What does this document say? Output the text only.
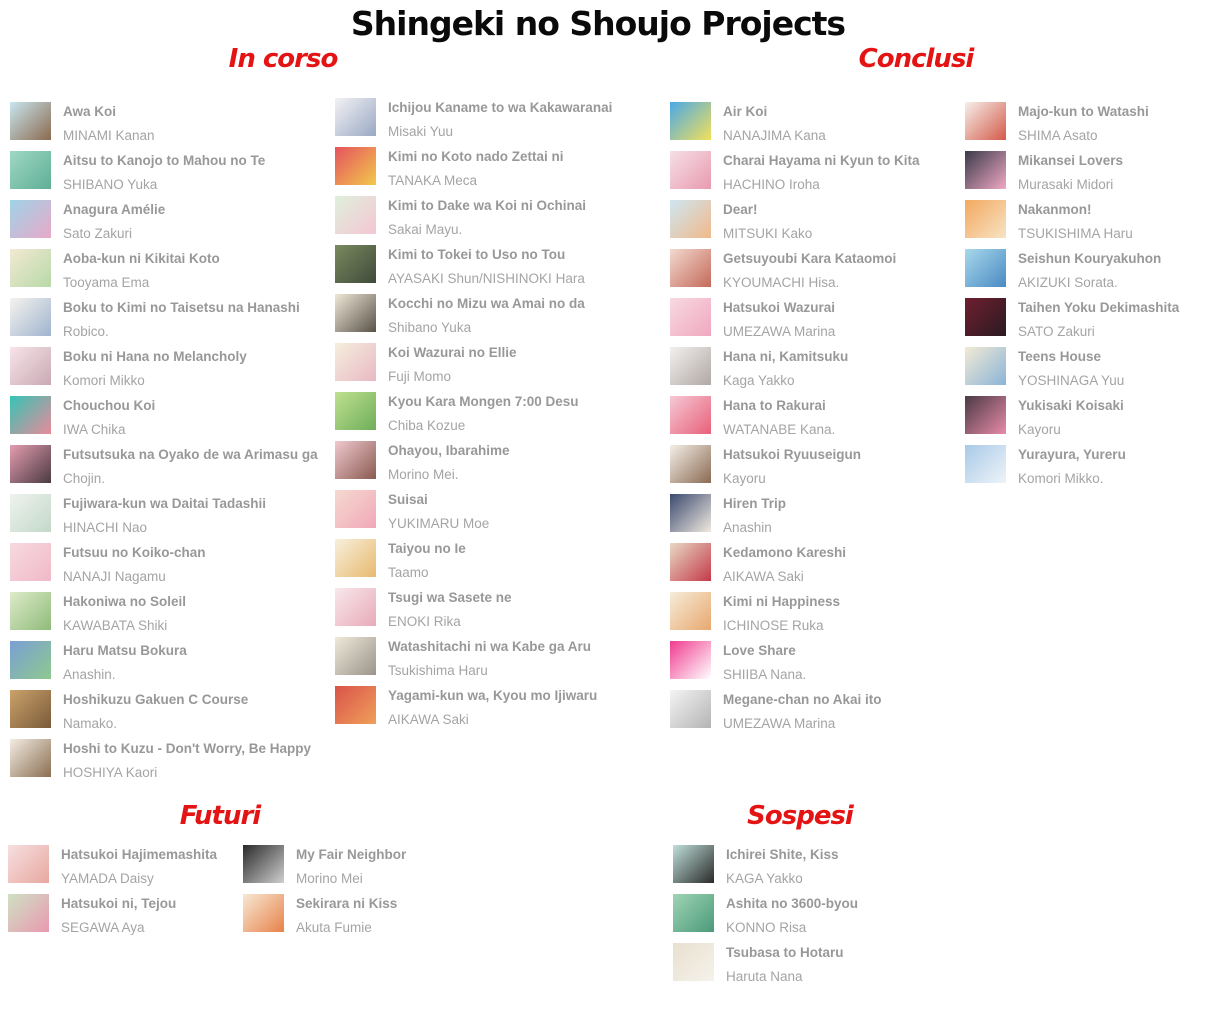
Shingeki no Shoujo Projects
In corso	Conclusi
Futuri	Sospesi
Awa Koi
MINAMI Kanan
Aitsu to Kanojo to Mahou no Te
SHIBANO Yuka
Anagura Amélie
Sato Zakuri
Aoba-kun ni Kikitai Koto
Tooyama Ema
Boku to Kimi no Taisetsu na Hanashi
Robico.
Boku ni Hana no Melancholy
Komori Mikko
Chouchou Koi
IWA Chika
Futsutsuka na Oyako de wa Arimasu ga
Chojin.
Fujiwara-kun wa Daitai Tadashii
HINACHI Nao
Futsuu no Koiko-chan
NANAJI Nagamu
Hakoniwa no Soleil
KAWABATA Shiki
Haru Matsu Bokura
Anashin.
Hoshikuzu Gakuen C Course
Namako.
Hoshi to Kuzu - Don't Worry, Be Happy
HOSHIYA Kaori
Ichijou Kaname to wa Kakawaranai
Misaki Yuu
Kimi no Koto nado Zettai ni
TANAKA Meca
Kimi to Dake wa Koi ni Ochinai
Sakai Mayu.
Kimi to Tokei to Uso no Tou
AYASAKI Shun/NISHINOKI Hara
Kocchi no Mizu wa Amai no da
Shibano Yuka
Koi Wazurai no Ellie
Fuji Momo
Kyou Kara Mongen 7:00 Desu
Chiba Kozue
Ohayou, Ibarahime
Morino Mei.
Suisai
YUKIMARU Moe
Taiyou no Ie
Taamo
Tsugi wa Sasete ne
ENOKI Rika
Watashitachi ni wa Kabe ga Aru
Tsukishima Haru
Yagami-kun wa, Kyou mo Ijiwaru
AIKAWA Saki
Air Koi
NANAJIMA Kana
Charai Hayama ni Kyun to Kita
HACHINO Iroha
Dear!
MITSUKI Kako
Getsuyoubi Kara Kataomoi
KYOUMACHI Hisa.
Hatsukoi Wazurai
UMEZAWA Marina
Hana ni, Kamitsuku
Kaga Yakko
Hana to Rakurai
WATANABE Kana.
Hatsukoi Ryuuseigun
Kayoru
Hiren Trip
Anashin
Kedamono Kareshi
AIKAWA Saki
Kimi ni Happiness
ICHINOSE Ruka
Love Share
SHIIBA Nana.
Megane-chan no Akai ito
UMEZAWA Marina
Majo-kun to Watashi
SHIMA Asato
Mikansei Lovers
Murasaki Midori
Nakanmon!
TSUKISHIMA Haru
Seishun Kouryakuhon
AKIZUKI Sorata.
Taihen Yoku Dekimashita
SATO Zakuri
Teens House
YOSHINAGA Yuu
Yukisaki Koisaki
Kayoru
Yurayura, Yureru
Komori Mikko.
Hatsukoi Hajimemashita
YAMADA Daisy
Hatsukoi ni, Tejou
SEGAWA Aya
My Fair Neighbor
Morino Mei
Sekirara ni Kiss
Akuta Fumie
Ichirei Shite, Kiss
KAGA Yakko
Ashita no 3600-byou
KONNO Risa
Tsubasa to Hotaru
Haruta Nana
